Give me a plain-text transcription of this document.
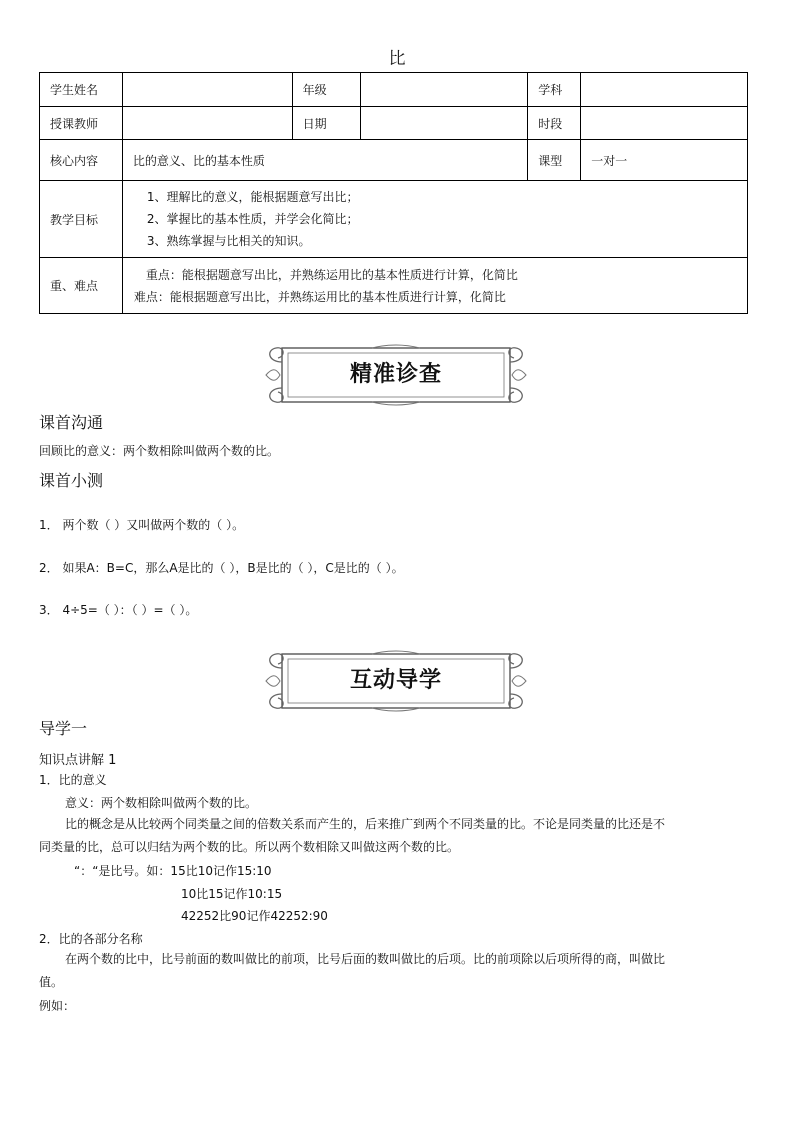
比
学生姓名		年级		学科	
授课教师		日期		时段	
核心内容	比的意义、比的基本性质			课型	一对一
教学目标	1、理解比的意义，能根据题意写出比；
2、掌握比的基本性质，并学会化简比；
3、熟练掌握与比相关的知识。				

重、难点	重点：能根据题意写出比，并熟练运用比的基本性质进行计算，化简比
难点：能根据题意写出比，并熟练运用比的基本性质进行计算，化简比				
精准诊查
课首沟通
回顾比的意义：两个数相除叫做两个数的比。
课首小测
1． 两个数（ ）又叫做两个数的（ ）。
2． 如果A：B=C，那么A是比的（ ），B是比的（ ），C是比的（ ）。
3． 4÷5=（ ）：（ ）=（ ）。
互动导学
导学一
知识点讲解 1
1．比的意义
意义：两个数相除叫做两个数的比。
比的概念是从比较两个同类量之间的倍数关系而产生的，后来推广到两个不同类量的比。不论是同类量的比还是不
同类量的比，总可以归结为两个数的比。所以两个数相除又叫做这两个数的比。
“：“是比号。如：15比10记作15:10
10比15记作10:15
42252比90记作42252:90
2．比的各部分名称
在两个数的比中，比号前面的数叫做比的前项，比号后面的数叫做比的后项。比的前项除以后项所得的商，叫做比
值。
例如：
